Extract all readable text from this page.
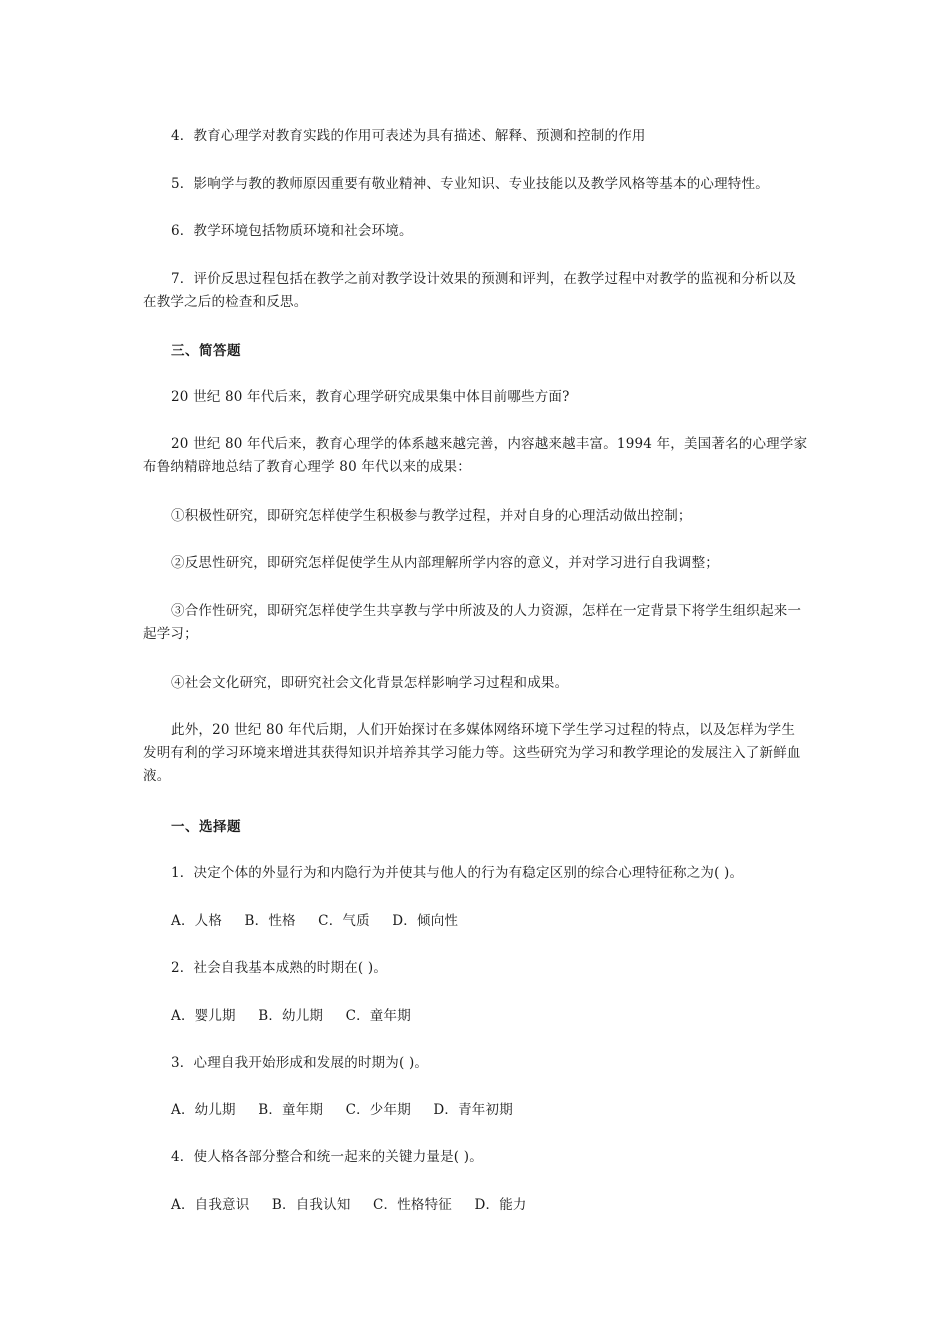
4．教育心理学对教育实践的作用可表述为具有描述、解释、预测和控制的作用

5．影响学与教的教师原因重要有敬业精神、专业知识、专业技能以及教学风格等基本的心理特性。

6．教学环境包括物质环境和社会环境。

7．评价反思过程包括在教学之前对教学设计效果的预测和评判，在教学过程中对教学的监视和分析以及在教学之后的检查和反思。

三、简答题

20 世纪 80 年代后来，教育心理学研究成果集中体目前哪些方面?

20 世纪 80 年代后来，教育心理学的体系越来越完善，内容越来越丰富。1994 年，美国著名的心理学家布鲁纳精辟地总结了教育心理学 80 年代以来的成果：

①积极性研究，即研究怎样使学生积极参与教学过程，并对自身的心理活动做出控制；

②反思性研究，即研究怎样促使学生从内部理解所学内容的意义，并对学习进行自我调整；

③合作性研究，即研究怎样使学生共享教与学中所波及的人力资源，怎样在一定背景下将学生组织起来一起学习；

④社会文化研究，即研究社会文化背景怎样影响学习过程和成果。

此外，20 世纪 80 年代后期，人们开始探讨在多媒体网络环境下学生学习过程的特点，以及怎样为学生发明有利的学习环境来增进其获得知识并培养其学习能力等。这些研究为学习和教学理论的发展注入了新鲜血液。

一、选择题

1．决定个体的外显行为和内隐行为并使其与他人的行为有稳定区别的综合心理特征称之为( )。

A．人格     B．性格     C．气质     D．倾向性

2．社会自我基本成熟的时期在( )。

A．婴儿期     B．幼儿期     C．童年期

3．心理自我开始形成和发展的时期为( )。

A．幼儿期     B．童年期     C．少年期     D．青年初期

4．使人格各部分整合和统一起来的关键力量是( )。

A．自我意识     B．自我认知     C．性格特征     D．能力
